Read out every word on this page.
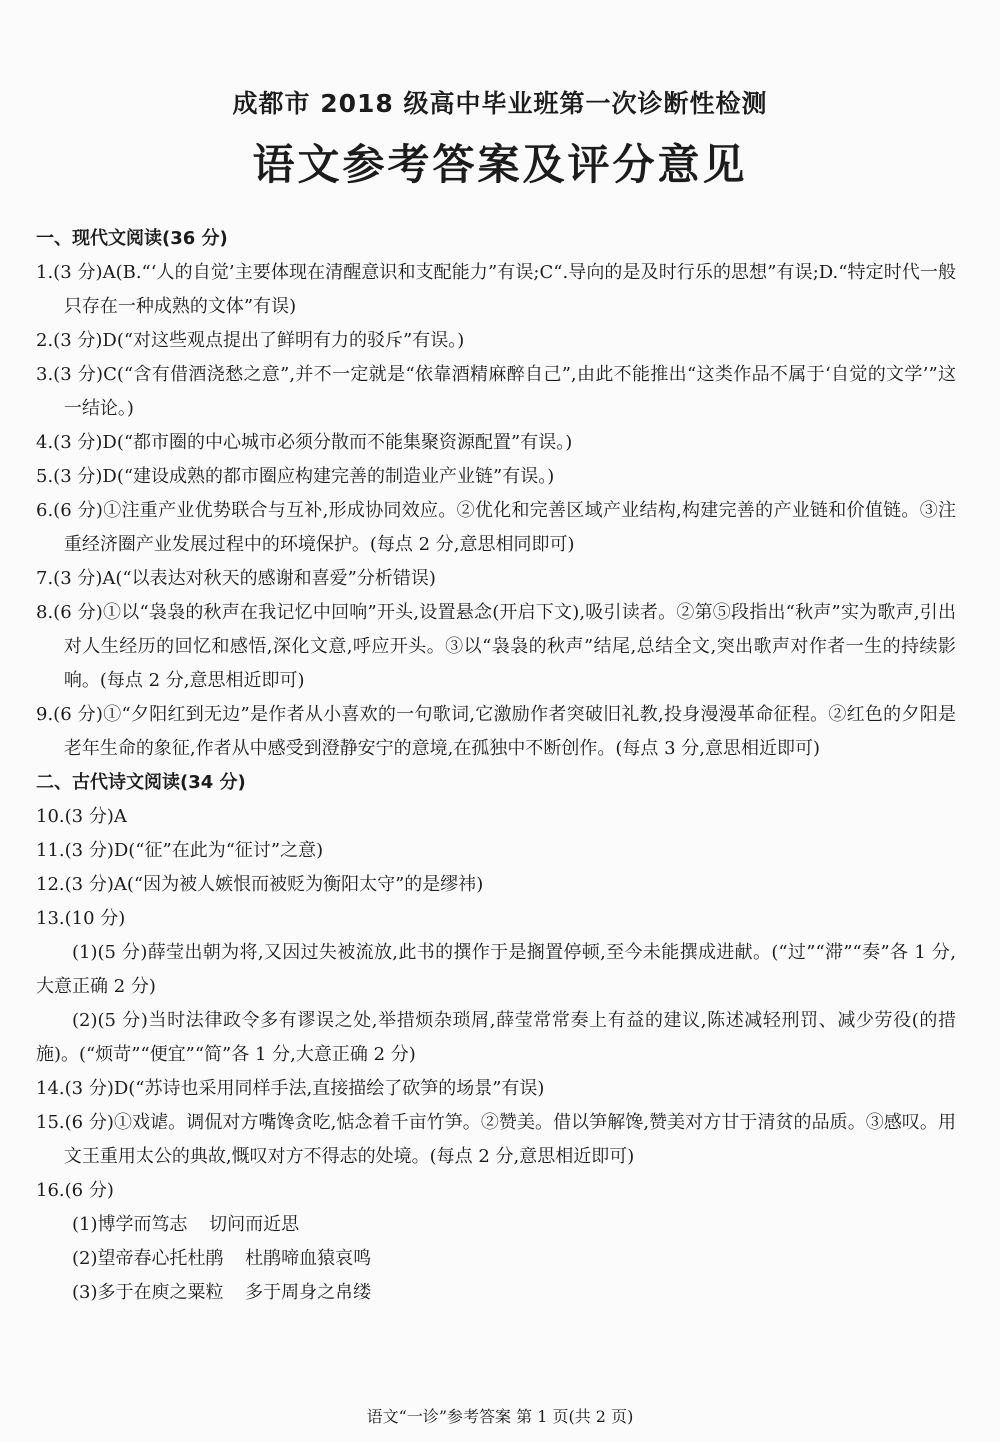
成都市 2018 级高中毕业班第一次诊断性检测
语文参考答案及评分意见
一、现代文阅读(36 分)
1.(3 分)A(B.“‘人的自觉’主要体现在清醒意识和支配能力”有误;C“.导向的是及时行乐的思想”有误;D.“特定时代一般只存在一种成熟的文体”有误)
2.(3 分)D(“对这些观点提出了鲜明有力的驳斥”有误。)
3.(3 分)C(“含有借酒浇愁之意”,并不一定就是“依靠酒精麻醉自己”,由此不能推出“这类作品不属于‘自觉的文学’”这一结论。)
4.(3 分)D(“都市圈的中心城市必须分散而不能集聚资源配置”有误。)
5.(3 分)D(“建设成熟的都市圈应构建完善的制造业产业链”有误。)
6.(6 分)①注重产业优势联合与互补,形成协同效应。②优化和完善区域产业结构,构建完善的产业链和价值链。③注重经济圈产业发展过程中的环境保护。(每点 2 分,意思相同即可)
7.(3 分)A(“以表达对秋天的感谢和喜爱”分析错误)
8.(6 分)①以“袅袅的秋声在我记忆中回响”开头,设置悬念(开启下文),吸引读者。②第⑤段指出“秋声”实为歌声,引出对人生经历的回忆和感悟,深化文意,呼应开头。③以“袅袅的秋声”结尾,总结全文,突出歌声对作者一生的持续影响。(每点 2 分,意思相近即可)
9.(6 分)①“夕阳红到无边”是作者从小喜欢的一句歌词,它激励作者突破旧礼教,投身漫漫革命征程。②红色的夕阳是老年生命的象征,作者从中感受到澄静安宁的意境,在孤独中不断创作。(每点 3 分,意思相近即可)
二、古代诗文阅读(34 分)
10.(3 分)A
11.(3 分)D(“征”在此为“征讨”之意)
12.(3 分)A(“因为被人嫉恨而被贬为衡阳太守”的是缪祎)
13.(10 分)
(1)(5 分)薛莹出朝为将,又因过失被流放,此书的撰作于是搁置停顿,至今未能撰成进献。(“过”“滞”“奏”各 1 分,大意正确 2 分)
(2)(5 分)当时法律政令多有谬误之处,举措烦杂琐屑,薛莹常常奏上有益的建议,陈述减轻刑罚、减少劳役(的措施)。(“烦苛”“便宜”“简”各 1 分,大意正确 2 分)
14.(3 分)D(“苏诗也采用同样手法,直接描绘了砍笋的场景”有误)
15.(6 分)①戏谑。调侃对方嘴馋贪吃,惦念着千亩竹笋。②赞美。借以笋解馋,赞美对方甘于清贫的品质。③感叹。用文王重用太公的典故,慨叹对方不得志的处境。(每点 2 分,意思相近即可)
16.(6 分)
(1)博学而笃志 切问而近思
(2)望帝春心托杜鹃 杜鹃啼血猿哀鸣
(3)多于在庾之粟粒 多于周身之帛缕
语文“一诊”参考答案 第 1 页(共 2 页)
